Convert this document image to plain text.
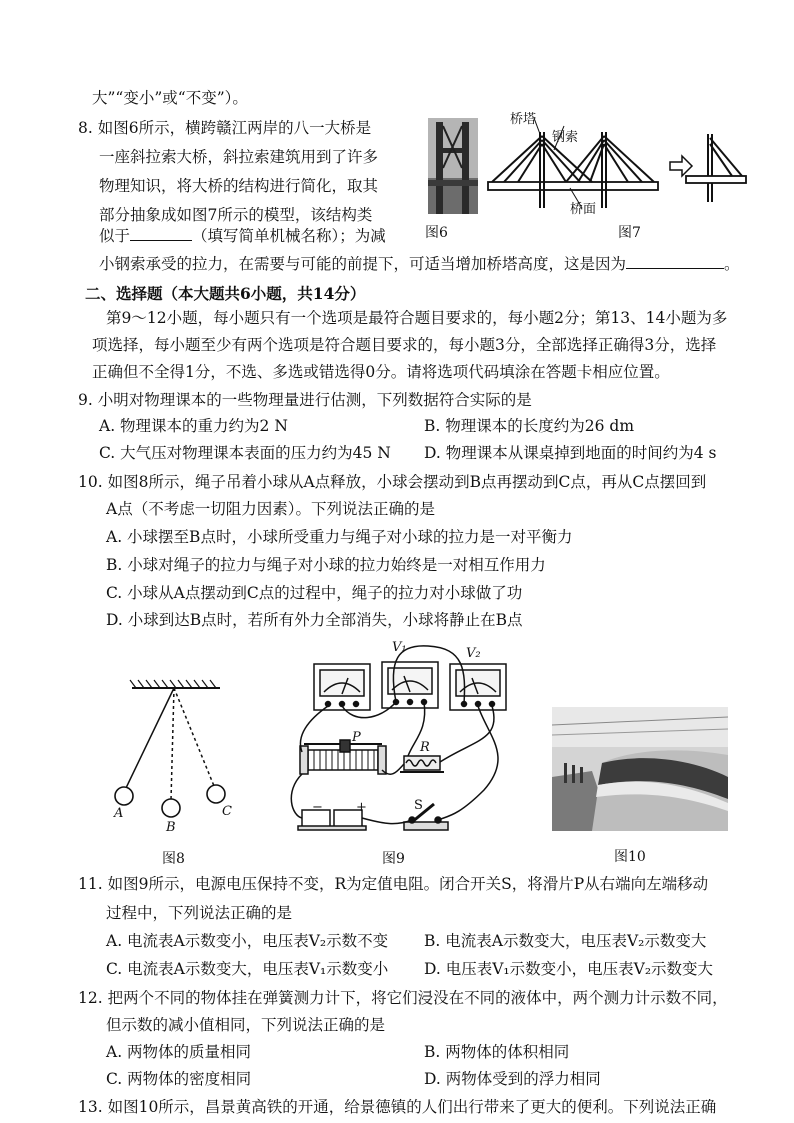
大”“变小”或“不变”）。
8. 如图6所示，横跨赣江两岸的八一大桥是
一座斜拉索大桥，斜拉索建筑用到了许多
物理知识，将大桥的结构进行简化，取其
部分抽象成如图7所示的模型，该结构类
似于	（填写简单机械名称）；为减
小钢索承受的拉力，在需要与可能的前提下，可适当增加桥塔高度，这是因为	。
图6
桥塔
钢索
桥面
图7
二、选择题（本大题共6小题，共14分）
第9～12小题，每小题只有一个选项是最符合题目要求的，每小题2分；第13、14小题为多
项选择，每小题至少有两个选项是符合题目要求的，每小题3分，全部选择正确得3分，选择
正确但不全得1分，不选、多选或错选得0分。请将选项代码填涂在答题卡相应位置。
9. 小明对物理课本的一些物理量进行估测，下列数据符合实际的是
A. 物理课本的重力约为2 N	B. 物理课本的长度约为26 dm
C. 大气压对物理课本表面的压力约为45 N D. 物理课本从课桌掉到地面的时间约为4 s
10. 如图8所示，绳子吊着小球从A点释放，小球会摆动到B点再摆动到C点，再从C点摆回到
A点（不考虑一切阻力因素）。下列说法正确的是
A. 小球摆至B点时，小球所受重力与绳子对小球的拉力是一对平衡力
B. 小球对绳子的拉力与绳子对小球的拉力始终是一对相互作用力
C. 小球从A点摆动到C点的过程中，绳子的拉力对小球做了功
D. 小球到达B点时，若所有外力全部消失，小球将静止在B点
A
B
C
图8
V₁	V₂
P
R
−	+	S
图9	图10
11. 如图9所示，电源电压保持不变，R为定值电阻。闭合开关S，将滑片P从右端向左端移动
过程中，下列说法正确的是
A. 电流表A示数变小，电压表V₂示数不变 B. 电流表A示数变大，电压表V₂示数变大
C. 电流表A示数变大，电压表V₁示数变小 D. 电压表V₁示数变小，电压表V₂示数变大
12. 把两个不同的物体挂在弹簧测力计下，将它们浸没在不同的液体中，两个测力计示数不同，
但示数的减小值相同，下列说法正确的是
A. 两物体的质量相同	B. 两物体的体积相同
C. 两物体的密度相同	D. 两物体受到的浮力相同
13. 如图10所示，昌景黄高铁的开通，给景德镇的人们出行带来了更大的便利。下列说法正确
